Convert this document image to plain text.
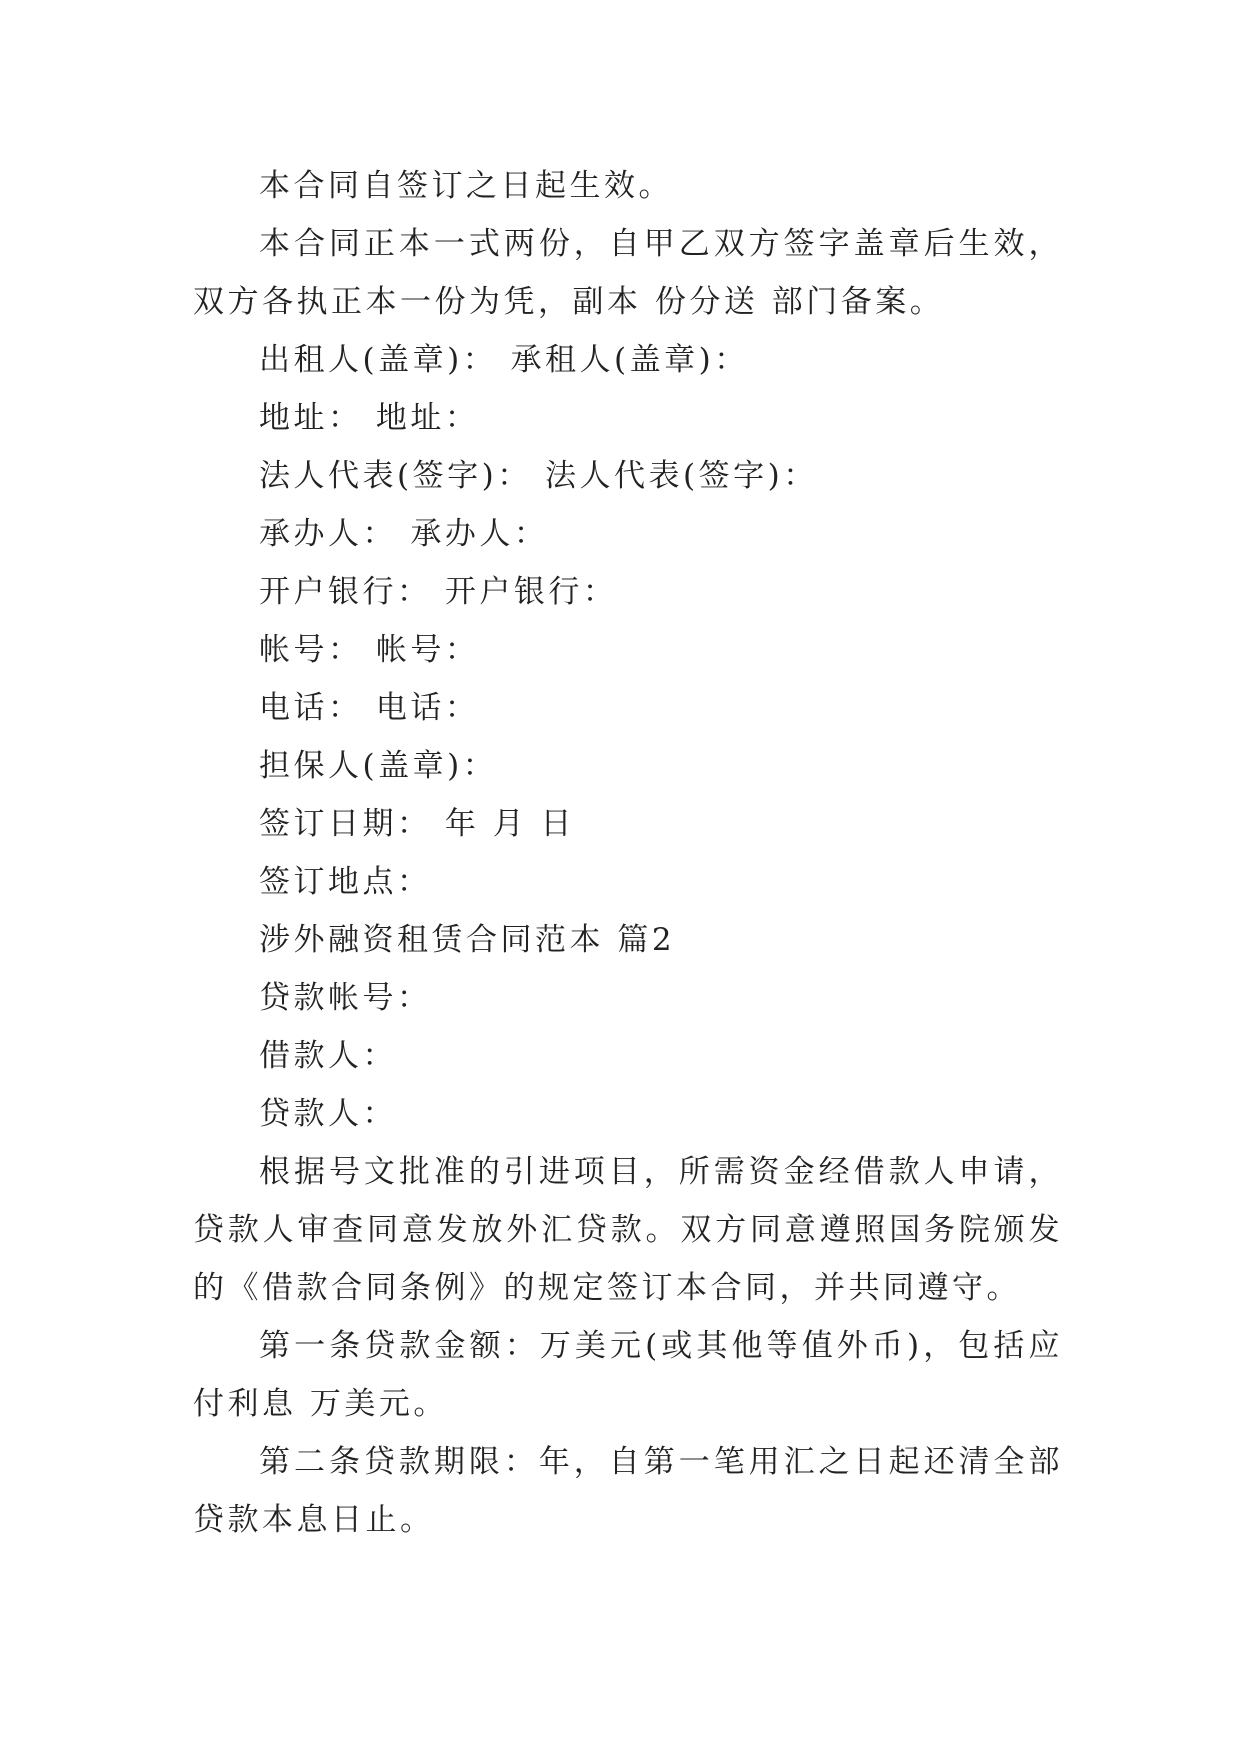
本合同自签订之日起生效。

本合同正本一式两份，自甲乙双方签字盖章后生效，双方各执正本一份为凭，副本 份分送 部门备案。

出租人(盖章)： 承租人(盖章)：

地址： 地址：

法人代表(签字)： 法人代表(签字)：

承办人： 承办人：

开户银行： 开户银行：

帐号： 帐号：

电话： 电话：

担保人(盖章)：

签订日期： 年 月 日

签订地点：

涉外融资租赁合同范本 篇2

贷款帐号：

借款人：

贷款人：

根据号文批准的引进项目，所需资金经借款人申请，贷款人审查同意发放外汇贷款。双方同意遵照国务院颁发的《借款合同条例》的规定签订本合同，并共同遵守。

第一条贷款金额：万美元(或其他等值外币)，包括应付利息 万美元。

第二条贷款期限：年，自第一笔用汇之日起还清全部贷款本息日止。
